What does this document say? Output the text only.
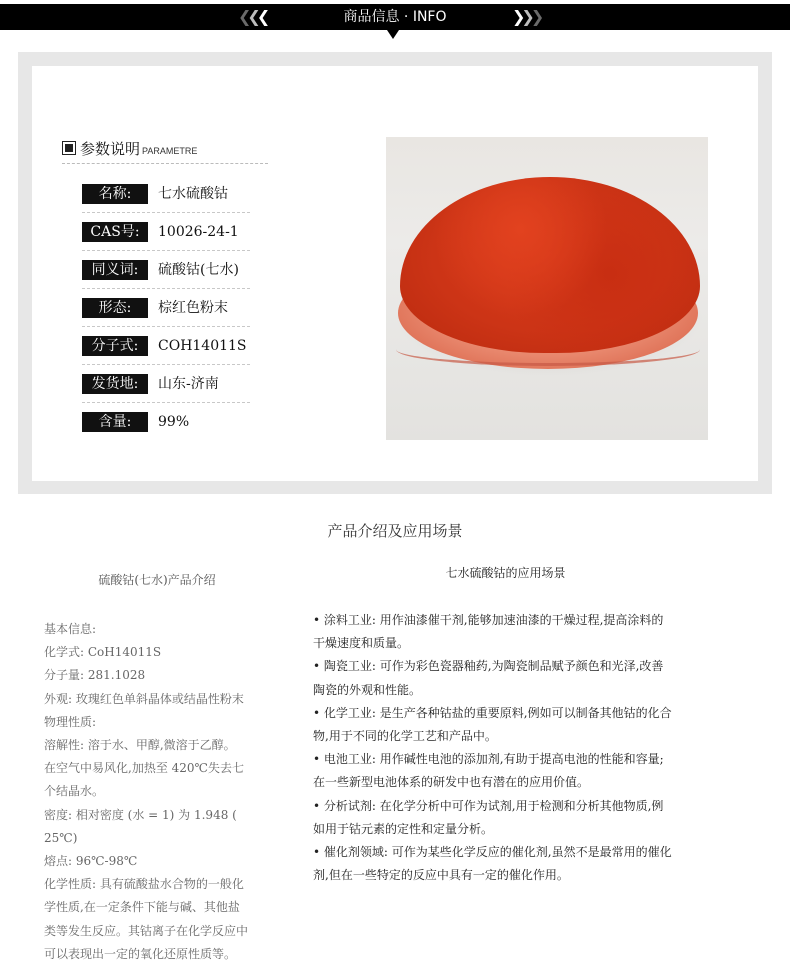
❮❮❮	商品信息 · INFO	❯❯❯
参数说明 PARAMETRE
名称:	七水硫酸钴
CAS号:	10026-24-1
同义词:	硫酸钴(七水)
形态:	棕红色粉末
分子式:	COH14011S
发货地:	山东-济南
含量:	99%
产品介绍及应用场景
硫酸钴(七水)产品介绍
基本信息:
化学式: CoH14011S
分子量: 281.1028
外观: 玫瑰红色单斜晶体或结晶性粉末
物理性质:
溶解性: 溶于水、甲醇,微溶于乙醇。
在空气中易风化,加热至 420℃失去七
个结晶水。
密度: 相对密度 (水 = 1) 为 1.948 (
25℃)
熔点: 96℃-98℃
化学性质: 具有硫酸盐水合物的一般化
学性质,在一定条件下能与碱、其他盐
类等发生反应。其钴离子在化学反应中
可以表现出一定的氧化还原性质等。
七水硫酸钴的应用场景
• 涂料工业: 用作油漆催干剂,能够加速油漆的干燥过程,提高涂料的
干燥速度和质量。
• 陶瓷工业: 可作为彩色瓷器釉药,为陶瓷制品赋予颜色和光泽,改善
陶瓷的外观和性能。
• 化学工业: 是生产各种钴盐的重要原料,例如可以制备其他钴的化合
物,用于不同的化学工艺和产品中。
• 电池工业: 用作碱性电池的添加剂,有助于提高电池的性能和容量;
在一些新型电池体系的研发中也有潜在的应用价值。
• 分析试剂: 在化学分析中可作为试剂,用于检测和分析其他物质,例
如用于钴元素的定性和定量分析。
• 催化剂领域: 可作为某些化学反应的催化剂,虽然不是最常用的催化
剂,但在一些特定的反应中具有一定的催化作用。
